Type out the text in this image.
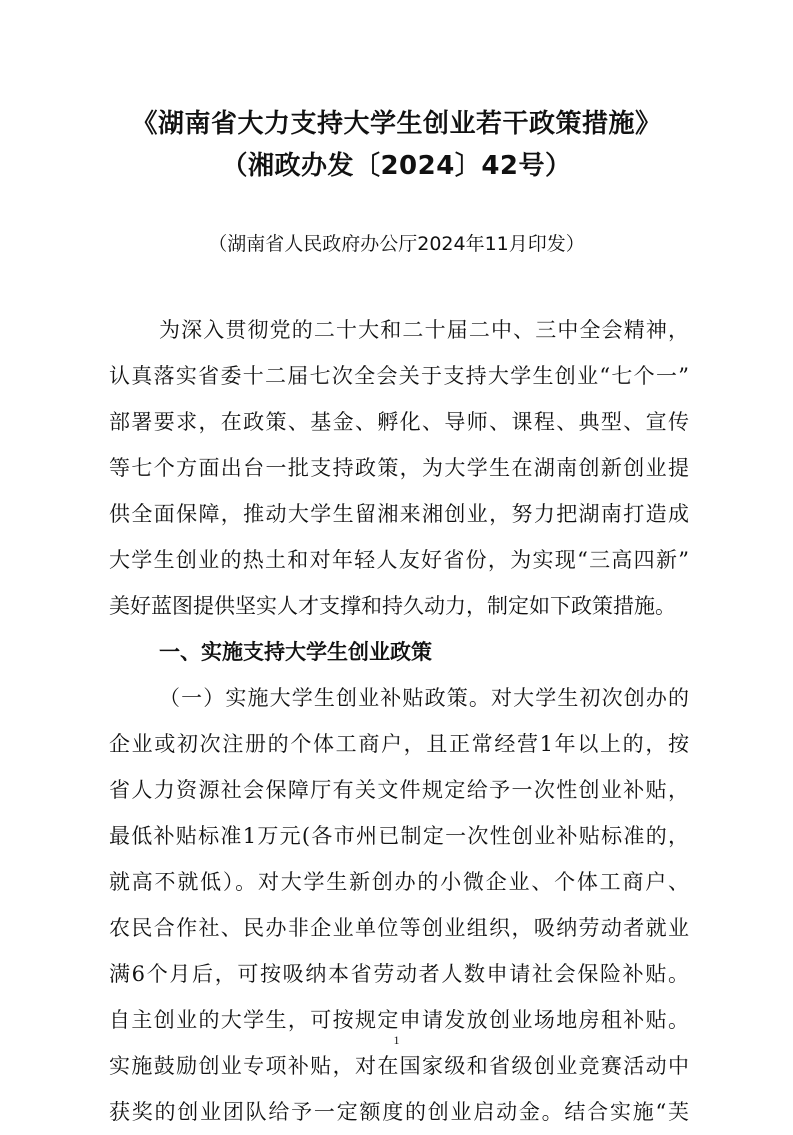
《湖南省大力支持大学生创业若干政策措施》
（湘政办发〔2024〕42号）
（湖南省人民政府办公厅2024年11月印发）
为深入贯彻党的二十大和二十届二中、三中全会精神，
认真落实省委十二届七次全会关于支持大学生创业“七个一”
部署要求，在政策、基金、孵化、导师、课程、典型、宣传
等七个方面出台一批支持政策，为大学生在湖南创新创业提
供全面保障，推动大学生留湘来湘创业，努力把湖南打造成
大学生创业的热土和对年轻人友好省份，为实现“三高四新”
美好蓝图提供坚实人才支撑和持久动力，制定如下政策措施。
一、实施支持大学生创业政策
（一）实施大学生创业补贴政策。对大学生初次创办的
企业或初次注册的个体工商户，且正常经营1年以上的，按
省人力资源社会保障厅有关文件规定给予一次性创业补贴，
最低补贴标准1万元(各市州已制定一次性创业补贴标准的，
就高不就低）。对大学生新创办的小微企业、个体工商户、
农民合作社、民办非企业单位等创业组织，吸纳劳动者就业
满6个月后，可按吸纳本省劳动者人数申请社会保险补贴。
自主创业的大学生，可按规定申请发放创业场地房租补贴。
实施鼓励创业专项补贴，对在国家级和省级创业竞赛活动中
获奖的创业团队给予一定额度的创业启动金。结合实施“芙
1
